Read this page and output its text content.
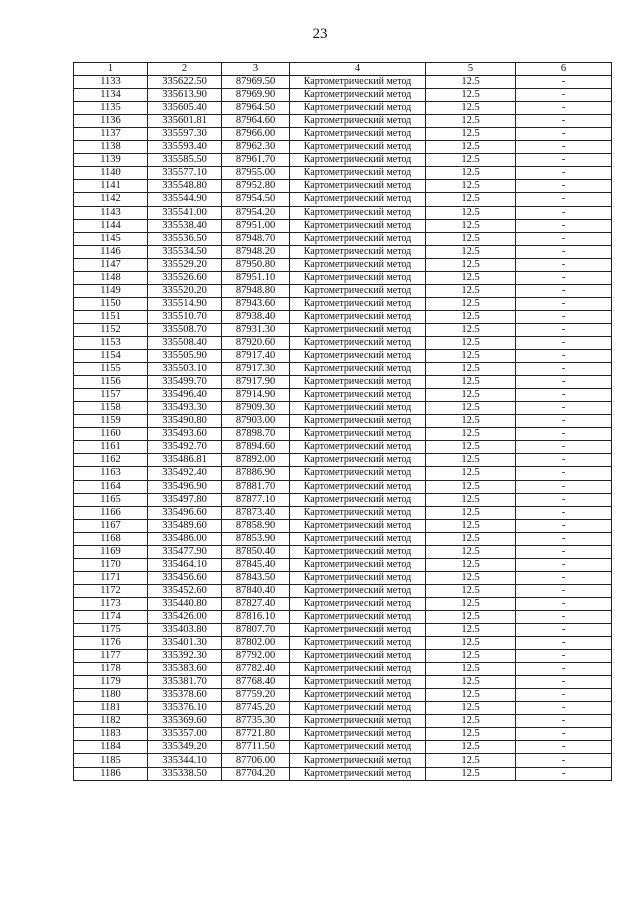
23
1	2	3	4	5	6
1133	335622.50	87969.50	Картометрический метод	12.5	-
1134	335613.90	87969.90	Картометрический метод	12.5	-
1135	335605.40	87964.50	Картометрический метод	12.5	-
1136	335601.81	87964.60	Картометрический метод	12.5	-
1137	335597.30	87966.00	Картометрический метод	12.5	-
1138	335593.40	87962.30	Картометрический метод	12.5	-
1139	335585.50	87961.70	Картометрический метод	12.5	-
1140	335577.10	87955.00	Картометрический метод	12.5	-
1141	335548.80	87952.80	Картометрический метод	12.5	-
1142	335544.90	87954.50	Картометрический метод	12.5	-
1143	335541.00	87954.20	Картометрический метод	12.5	-
1144	335538.40	87951.00	Картометрический метод	12.5	-
1145	335536.50	87948.70	Картометрический метод	12.5	-
1146	335534.50	87948.20	Картометрический метод	12.5	-
1147	335529.20	87950.80	Картометрический метод	12.5	-
1148	335526.60	87951.10	Картометрический метод	12.5	-
1149	335520.20	87948.80	Картометрический метод	12.5	-
1150	335514.90	87943.60	Картометрический метод	12.5	-
1151	335510.70	87938.40	Картометрический метод	12.5	-
1152	335508.70	87931.30	Картометрический метод	12.5	-
1153	335508.40	87920.60	Картометрический метод	12.5	-
1154	335505.90	87917.40	Картометрический метод	12.5	-
1155	335503.10	87917.30	Картометрический метод	12.5	-
1156	335499.70	87917.90	Картометрический метод	12.5	-
1157	335496.40	87914.90	Картометрический метод	12.5	-
1158	335493.30	87909.30	Картометрический метод	12.5	-
1159	335490.80	87903.00	Картометрический метод	12.5	-
1160	335493.60	87898.70	Картометрический метод	12.5	-
1161	335492.70	87894.60	Картометрический метод	12.5	-
1162	335486.81	87892.00	Картометрический метод	12.5	-
1163	335492.40	87886.90	Картометрический метод	12.5	-
1164	335496.90	87881.70	Картометрический метод	12.5	-
1165	335497.80	87877.10	Картометрический метод	12.5	-
1166	335496.60	87873.40	Картометрический метод	12.5	-
1167	335489.60	87858.90	Картометрический метод	12.5	-
1168	335486.00	87853.90	Картометрический метод	12.5	-
1169	335477.90	87850.40	Картометрический метод	12.5	-
1170	335464.10	87845.40	Картометрический метод	12.5	-
1171	335456.60	87843.50	Картометрический метод	12.5	-
1172	335452.60	87840.40	Картометрический метод	12.5	-
1173	335440.80	87827.40	Картометрический метод	12.5	-
1174	335426.00	87816.10	Картометрический метод	12.5	-
1175	335403.80	87807.70	Картометрический метод	12.5	-
1176	335401.30	87802.00	Картометрический метод	12.5	-
1177	335392.30	87792.00	Картометрический метод	12.5	-
1178	335383.60	87782.40	Картометрический метод	12.5	-
1179	335381.70	87768.40	Картометрический метод	12.5	-
1180	335378.60	87759.20	Картометрический метод	12.5	-
1181	335376.10	87745.20	Картометрический метод	12.5	-
1182	335369.60	87735.30	Картометрический метод	12.5	-
1183	335357.00	87721.80	Картометрический метод	12.5	-
1184	335349.20	87711.50	Картометрический метод	12.5	-
1185	335344.10	87706.00	Картометрический метод	12.5	-
1186	335338.50	87704.20	Картометрический метод	12.5	-
